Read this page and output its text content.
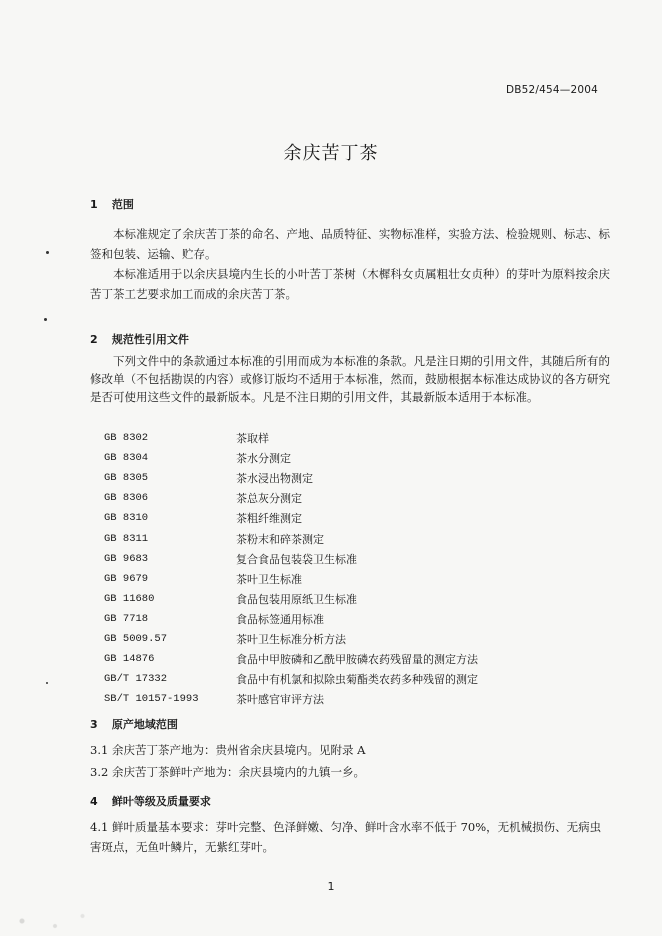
DB52/454—2004
余庆苦丁茶
1 范围
本标准规定了余庆苦丁茶的命名、产地、品质特征、实物标准样，实验方法、检验规则、标志、标签和包装、运输、贮存。
本标准适用于以余庆县境内生长的小叶苦丁茶树（木樨科女贞属粗壮女贞种）的芽叶为原料按余庆苦丁茶工艺要求加工而成的余庆苦丁茶。
2 规范性引用文件
下列文件中的条款通过本标准的引用而成为本标准的条款。凡是注日期的引用文件，其随后所有的修改单（不包括勘误的内容）或修订版均不适用于本标准，然而，鼓励根据本标准达成协议的各方研究是否可使用这些文件的最新版本。凡是不注日期的引用文件，其最新版本适用于本标准。
GB 8302	茶取样
GB 8304	茶水分测定
GB 8305	茶水浸出物测定
GB 8306	茶总灰分测定
GB 8310	茶粗纤维测定
GB 8311	茶粉末和碎茶测定
GB 9683	复合食品包装袋卫生标准
GB 9679	茶叶卫生标准
GB 11680	食品包装用原纸卫生标准
GB 7718	食品标签通用标准
GB 5009.57	茶叶卫生标准分析方法
GB 14876	食品中甲胺磷和乙酰甲胺磷农药残留量的测定方法
GB/T 17332	食品中有机氯和拟除虫菊酯类农药多种残留的测定
SB/T 10157-1993	茶叶感官审评方法
3 原产地域范围
3.1 余庆苦丁茶产地为：贵州省余庆县境内。见附录 A
3.2 余庆苦丁茶鲜叶产地为：余庆县境内的九镇一乡。
4 鲜叶等级及质量要求
4.1 鲜叶质量基本要求：芽叶完整、色泽鲜嫩、匀净、鲜叶含水率不低于 70%，无机械损伤、无病虫害斑点，无鱼叶鳞片，无紫红芽叶。
1
